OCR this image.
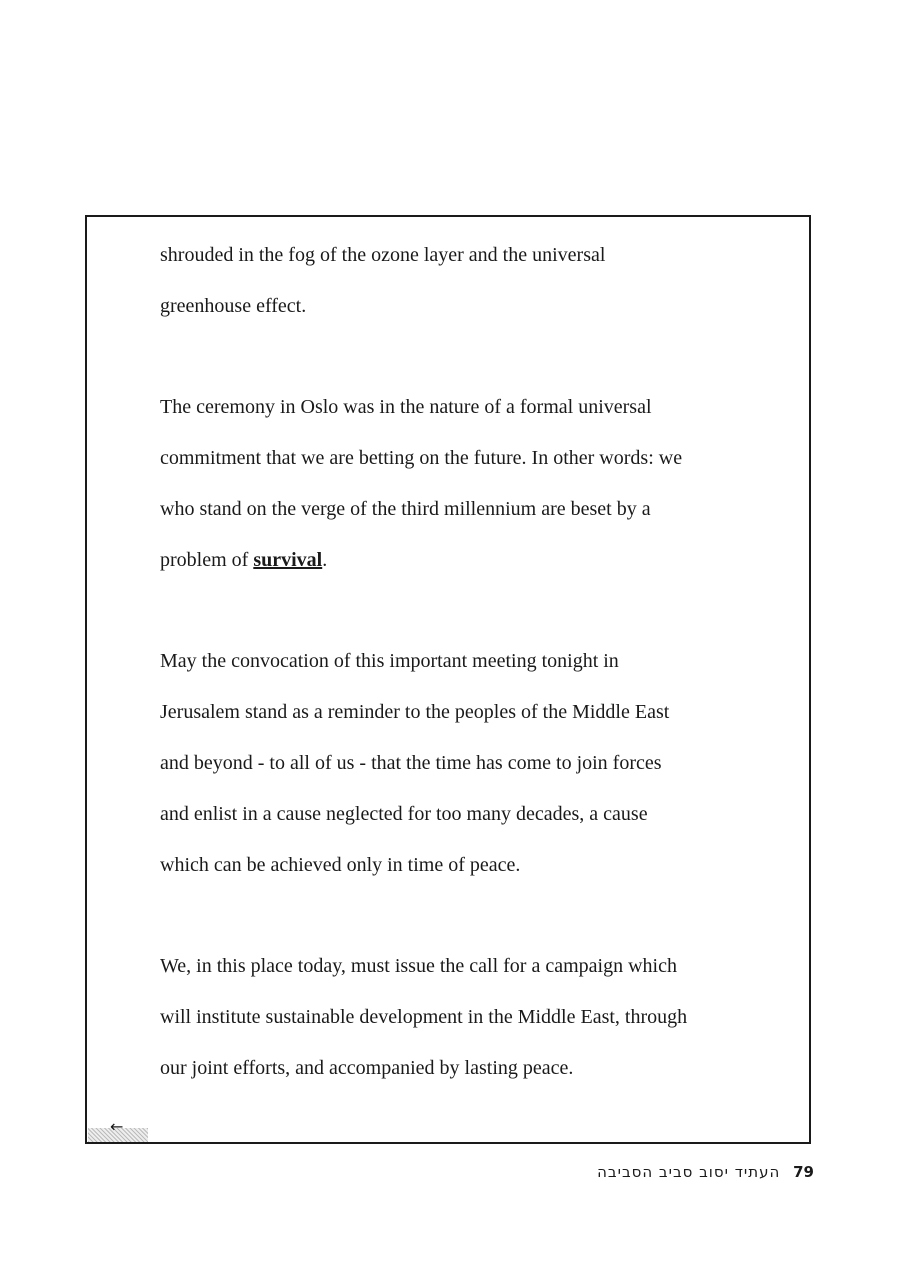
shrouded in the fog of the ozone layer and the universal

greenhouse effect.

The ceremony in Oslo was in the nature of a formal universal

commitment that we are betting on the future. In other words: we

who stand on the verge of the third millennium are beset by a

problem of survival.

May the convocation of this important meeting tonight in

Jerusalem stand as a reminder to the peoples of the Middle East

and beyond - to all of us - that the time has come to join forces

and enlist in a cause neglected for too many decades, a cause

which can be achieved only in time of peace.

We, in this place today, must issue the call for a campaign which

will institute sustainable development in the Middle East, through

our joint efforts, and accompanied by lasting peace.

←
העתיד יסוב סביב הסביבה 79
